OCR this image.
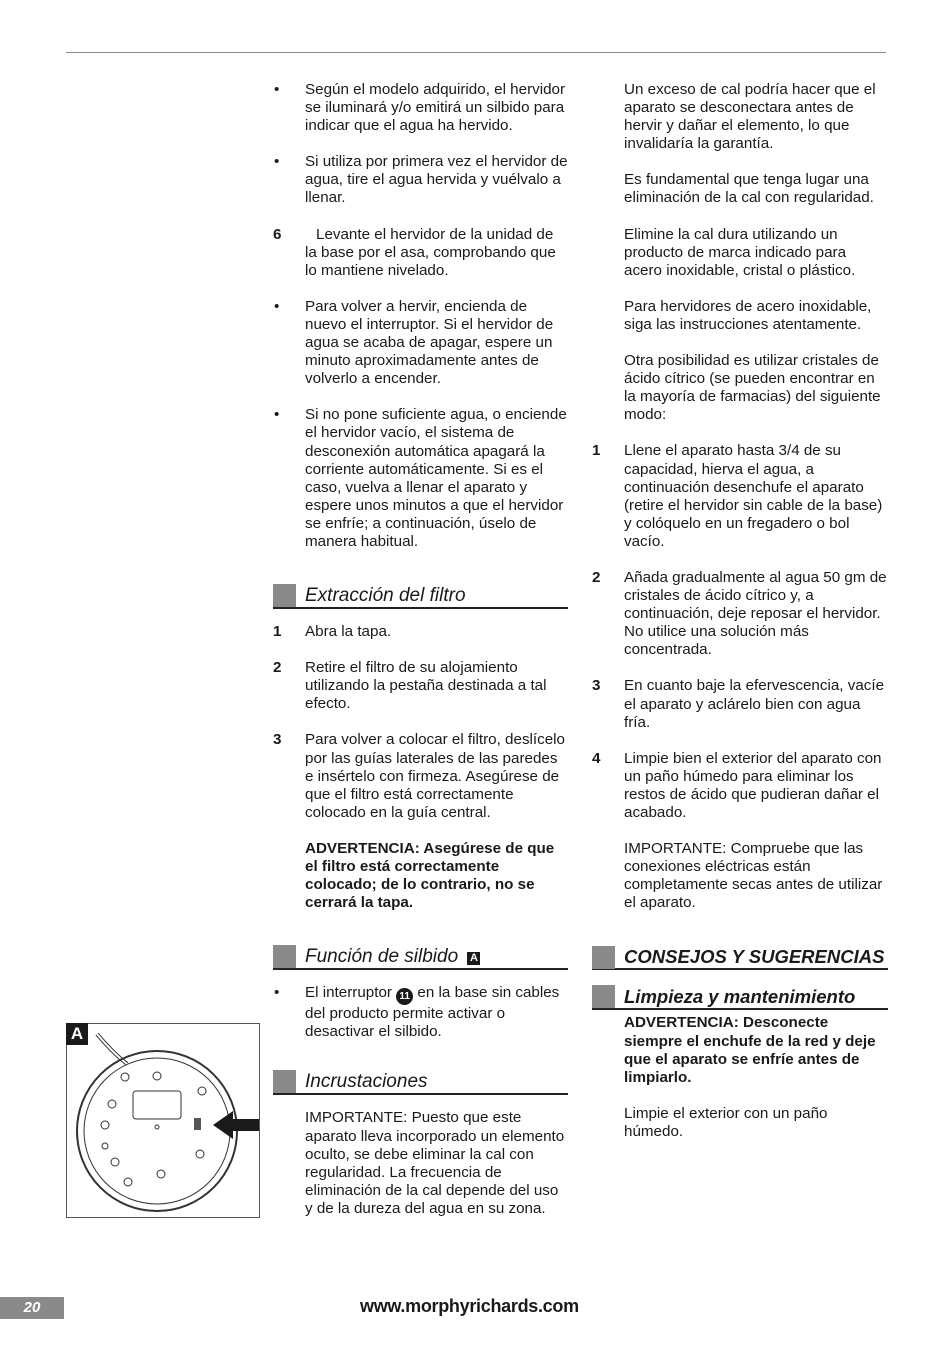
• Según el modelo adquirido, el hervidor se iluminará y/o emitirá un silbido para indicar que el agua ha hervido.
• Si utiliza por primera vez el hervidor de agua, tire el agua hervida y vuélvalo a llenar.
6 Levante el hervidor de la unidad de la base por el asa, comprobando que lo mantiene nivelado.
• Para volver a hervir, encienda de nuevo el interruptor. Si el hervidor de agua se acaba de apagar, espere un minuto aproximadamente antes de volverlo a encender.
• Si no pone suficiente agua, o enciende el hervidor vacío, el sistema de desconexión automática apagará la corriente automáticamente. Si es el caso, vuelva a llenar el aparato y espere unos minutos a que el hervidor se enfríe; a continuación, úselo de manera habitual.
Extracción del filtro
1 Abra la tapa.
2 Retire el filtro de su alojamiento utilizando la pestaña destinada a tal efecto.
3 Para volver a colocar el filtro, deslícelo por las guías laterales de las paredes e insértelo con firmeza. Asegúrese de que el filtro está correctamente colocado en la guía central.
ADVERTENCIA: Asegúrese de que el filtro está correctamente colocado; de lo contrario, no se cerrará la tapa.
Función de silbido A
• El interruptor 11 en la base sin cables del producto permite activar o desactivar el silbido.
Incrustaciones
IMPORTANTE: Puesto que este aparato lleva incorporado un elemento oculto, se debe eliminar la cal con regularidad. La frecuencia de eliminación de la cal depende del uso y de la dureza del agua en su zona.
Un exceso de cal podría hacer que el aparato se desconectara antes de hervir y dañar el elemento, lo que invalidaría la garantía.
Es fundamental que tenga lugar una eliminación de la cal con regularidad.
Elimine la cal dura utilizando un producto de marca indicado para acero inoxidable, cristal o plástico.
Para hervidores de acero inoxidable, siga las instrucciones atentamente.
Otra posibilidad es utilizar cristales de ácido cítrico (se pueden encontrar en la mayoría de farmacias) del siguiente modo:
1 Llene el aparato hasta 3/4 de su capacidad, hierva el agua, a continuación desenchufe el aparato (retire el hervidor sin cable de la base) y colóquelo en un fregadero o bol vacío.
2 Añada gradualmente al agua 50 gm de cristales de ácido cítrico y, a continuación, deje reposar el hervidor. No utilice una solución más concentrada.
3 En cuanto baje la efervescencia, vacíe el aparato y aclárelo bien con agua fría.
4 Limpie bien el exterior del aparato con un paño húmedo para eliminar los restos de ácido que pudieran dañar el acabado.
IMPORTANTE: Compruebe que las conexiones eléctricas están completamente secas antes de utilizar el aparato.
CONSEJOS Y SUGERENCIAS
Limpieza y mantenimiento
ADVERTENCIA: Desconecte siempre el enchufe de la red y deje que el aparato se enfríe antes de limpiarlo.
Limpie el exterior con un paño húmedo.
A
20	www.morphyrichards.com
